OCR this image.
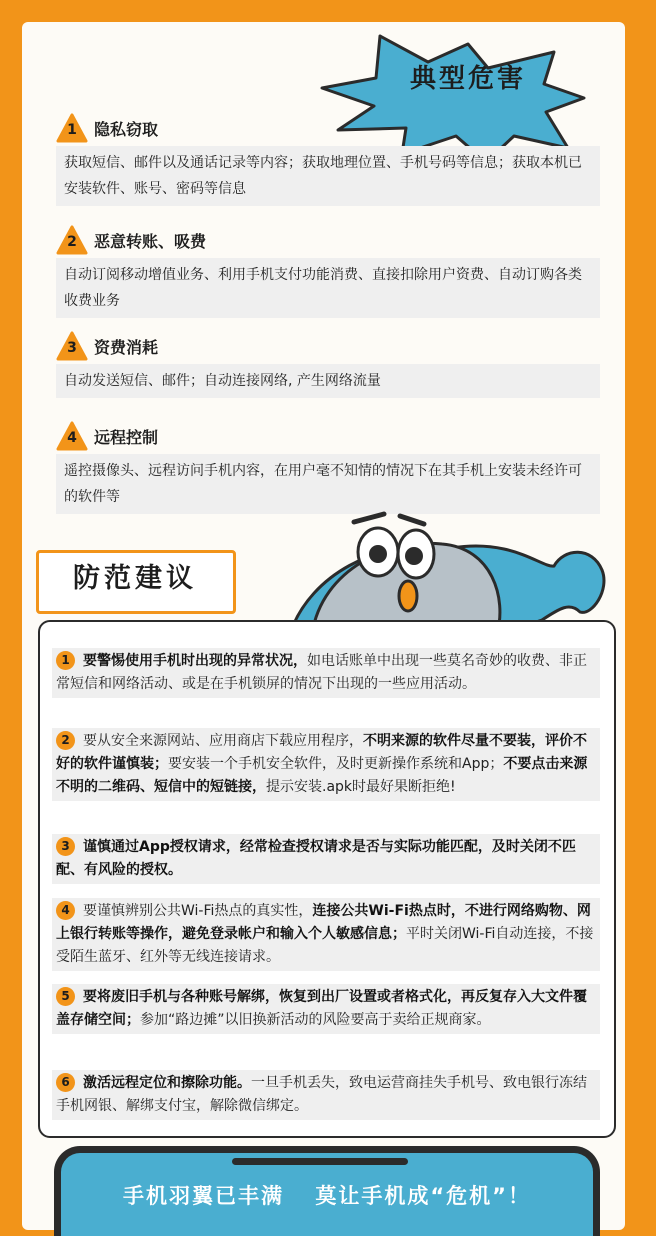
典型危害
1	隐私窃取
获取短信、邮件以及通话记录等内容；获取地理位置、手机号码等信息；获取本机已安装软件、账号、密码等信息
2	恶意转账、吸费
自动订阅移动增值业务、利用手机支付功能消费、直接扣除用户资费、自动订购各类收费业务
3	资费消耗
自动发送短信、邮件；自动连接网络, 产生网络流量
4	远程控制
遥控摄像头、远程访问手机内容，在用户毫不知情的情况下在其手机上安装未经许可的软件等
防范建议
1 要警惕使用手机时出现的异常状况，如电话账单中出现一些莫名奇妙的收费、非正常短信和网络活动、或是在手机锁屏的情况下出现的一些应用活动。
2 要从安全来源网站、应用商店下载应用程序，不明来源的软件尽量不要装，评价不好的软件谨慎装；要安装一个手机安全软件，及时更新操作系统和App；不要点击来源不明的二维码、短信中的短链接，提示安装.apk时最好果断拒绝!
3 谨慎通过App授权请求，经常检查授权请求是否与实际功能匹配，及时关闭不匹配、有风险的授权。
4 要谨慎辨别公共Wi-Fi热点的真实性，连接公共Wi-Fi热点时，不进行网络购物、网上银行转账等操作，避免登录帐户和输入个人敏感信息；平时关闭Wi-Fi自动连接，不接受陌生蓝牙、红外等无线连接请求。
5 要将废旧手机与各种账号解绑，恢复到出厂设置或者格式化，再反复存入大文件覆盖存储空间；参加“路边摊”以旧换新活动的风险要高于卖给正规商家。
6 激活远程定位和擦除功能。一旦手机丢失，致电运营商挂失手机号、致电银行冻结手机网银、解绑支付宝，解除微信绑定。
手机羽翼已丰满 莫让手机成“危机”！
